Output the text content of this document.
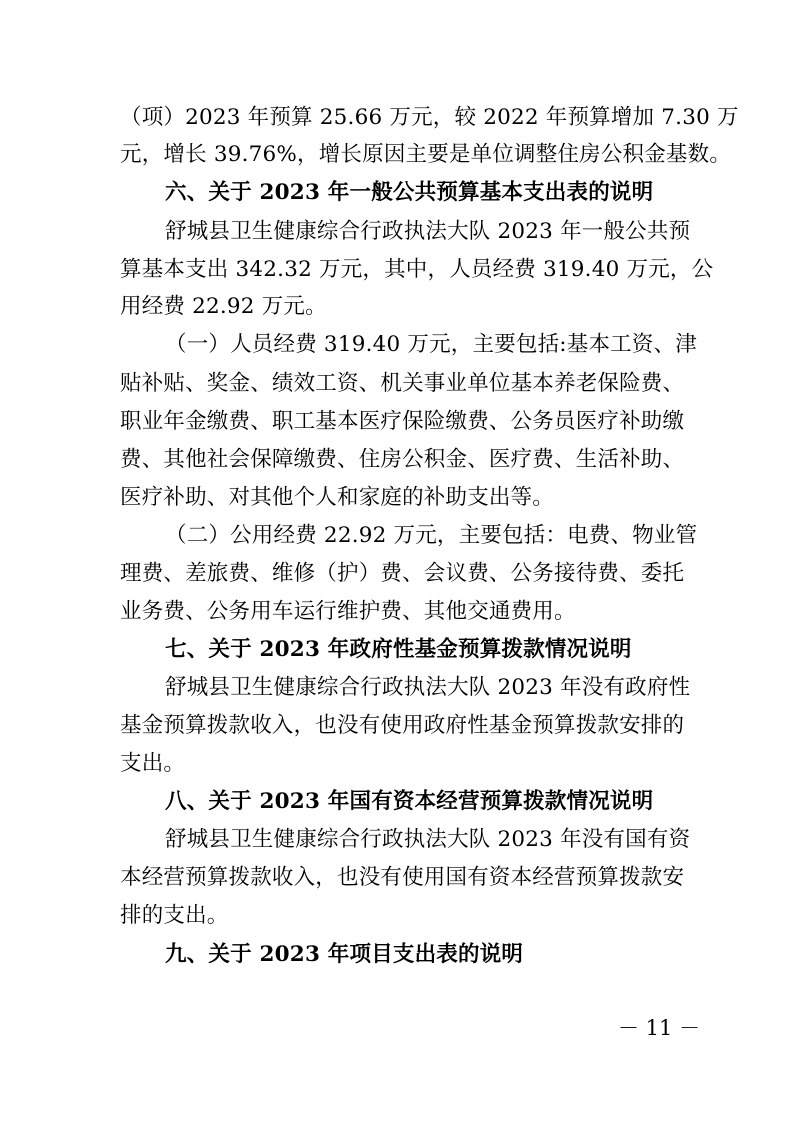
（项）2023 年预算 25.66 万元，较 2022 年预算增加 7.30 万
元，增长 39.76%，增长原因主要是单位调整住房公积金基数。
六、关于 2023 年一般公共预算基本支出表的说明
舒城县卫生健康综合行政执法大队 2023 年一般公共预
算基本支出 342.32 万元，其中，人员经费 319.40 万元，公
用经费 22.92 万元。
（一）人员经费 319.40 万元，主要包括:基本工资、津
贴补贴、奖金、绩效工资、机关事业单位基本养老保险费、
职业年金缴费、职工基本医疗保险缴费、公务员医疗补助缴
费、其他社会保障缴费、住房公积金、医疗费、生活补助、
医疗补助、对其他个人和家庭的补助支出等。
（二）公用经费 22.92 万元，主要包括：电费、物业管
理费、差旅费、维修（护）费、会议费、公务接待费、委托
业务费、公务用车运行维护费、其他交通费用。
七、关于 2023 年政府性基金预算拨款情况说明
舒城县卫生健康综合行政执法大队 2023 年没有政府性
基金预算拨款收入，也没有使用政府性基金预算拨款安排的
支出。
八、关于 2023 年国有资本经营预算拨款情况说明
舒城县卫生健康综合行政执法大队 2023 年没有国有资
本经营预算拨款收入，也没有使用国有资本经营预算拨款安
排的支出。
九、关于 2023 年项目支出表的说明
－ 11 －
